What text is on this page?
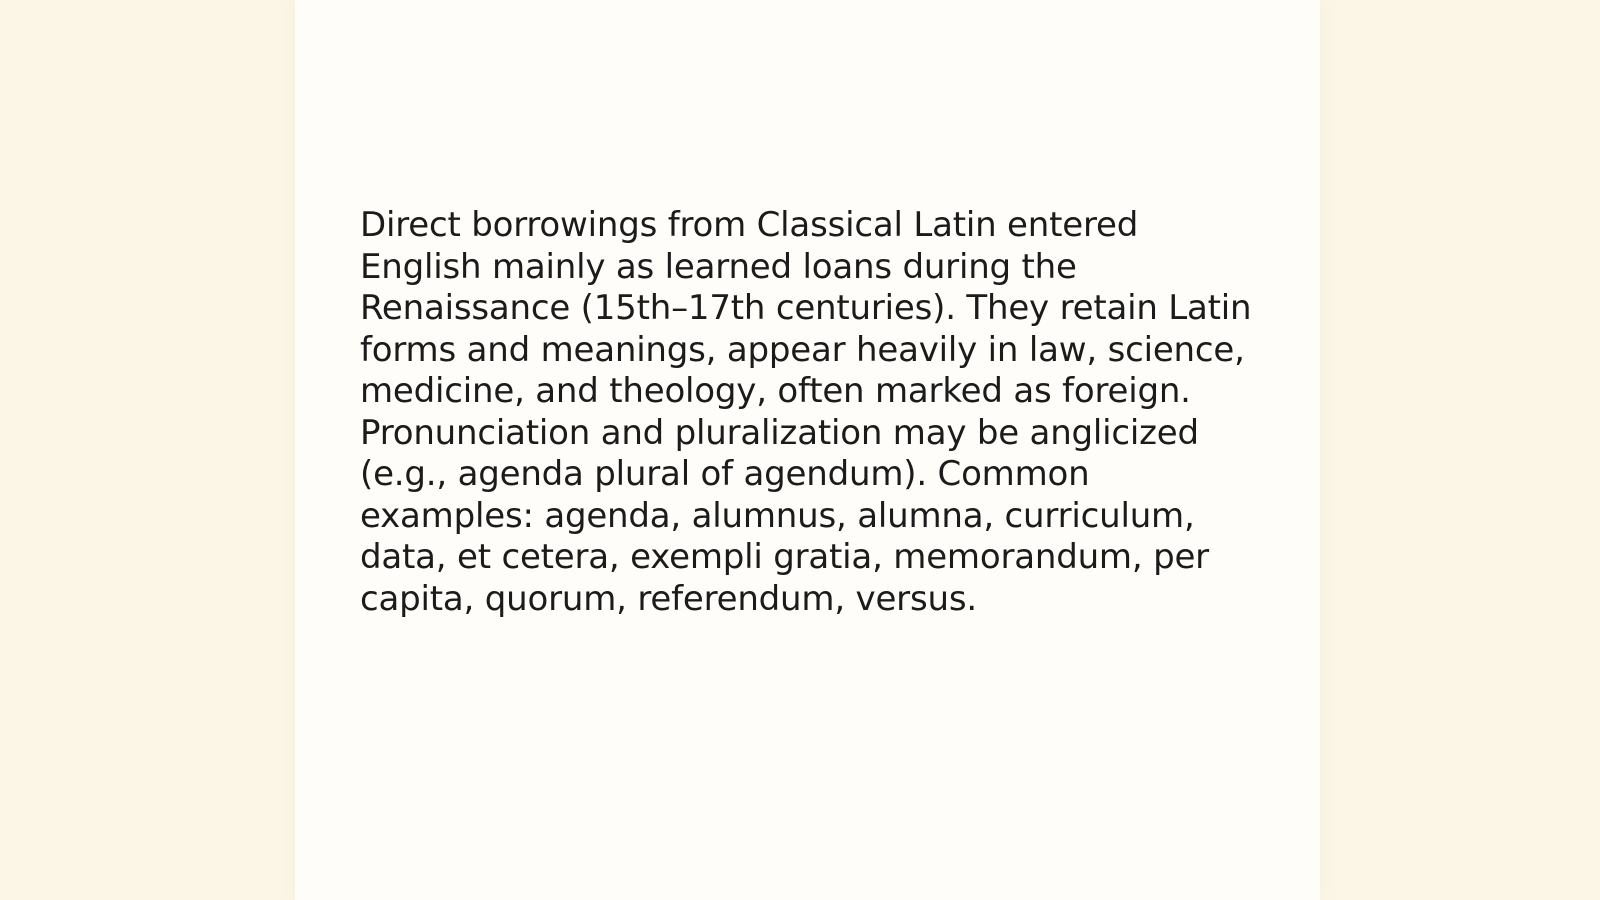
Direct borrowings from Classical Latin entered English mainly as learned loans during the Renaissance (15th–17th centuries). They retain Latin forms and meanings, appear heavily in law, science, medicine, and theology, often marked as foreign. Pronunciation and pluralization may be anglicized (e.g., agenda plural of agendum). Common examples: agenda, alumnus, alumna, curriculum, data, et cetera, exempli gratia, memorandum, per capita, quorum, referendum, versus.
